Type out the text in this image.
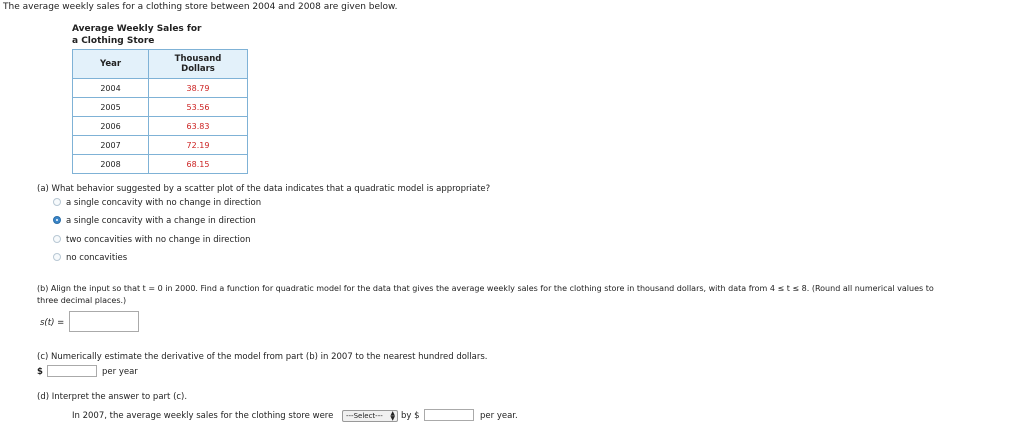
The average weekly sales for a clothing store between 2004 and 2008 are given below.
Average Weekly Sales for
a Clothing Store
Year	Thousand
Dollars

2004	38.79
2005	53.56
2006	63.83
2007	72.19
2008	68.15
(a) What behavior suggested by a scatter plot of the data indicates that a quadratic model is appropriate?
a single concavity with no change in direction
a single concavity with a change in direction
two concavities with no change in direction
no concavities
(b) Align the input so that t = 0 in 2000. Find a function for quadratic model for the data that gives the average weekly sales for the clothing store in thousand dollars, with data from 4 ≤ t ≤ 8. (Round all numerical values to
three decimal places.)
s(t) =
(c) Numerically estimate the derivative of the model from part (b) in 2007 to the nearest hundred dollars.
$	per year
(d) Interpret the answer to part (c).
In 2007, the average weekly sales for the clothing store were	---Select--- ▲
▼ by $	per year.
